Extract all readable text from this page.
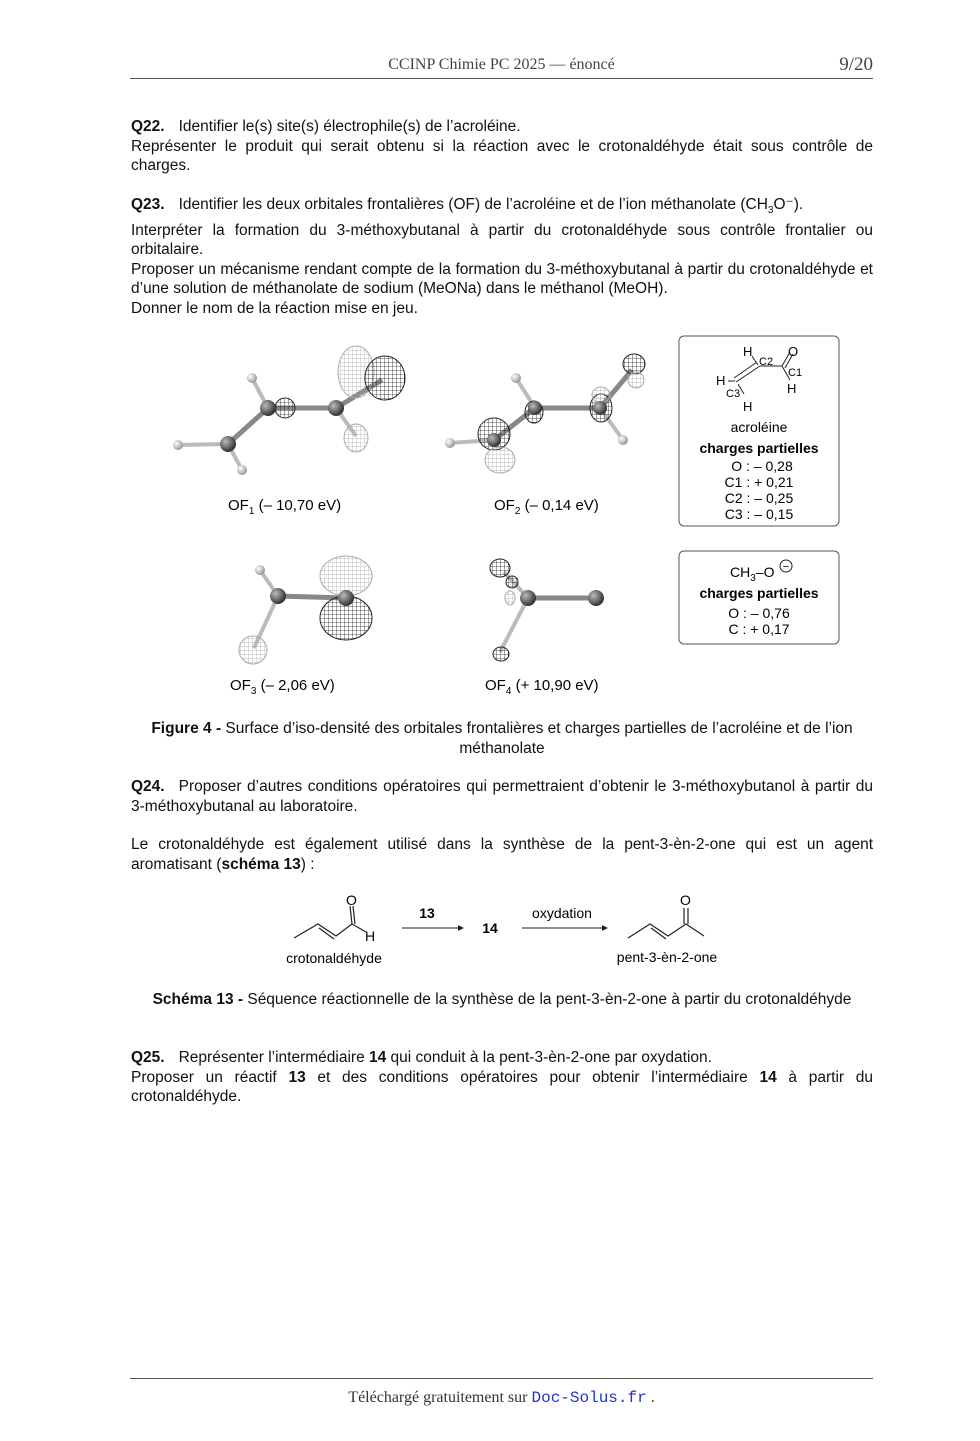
CCINP Chimie PC 2025 — énoncé	9/20

Q22. Identifier le(s) site(s) électrophile(s) de l’acroléine.

Représenter le produit qui serait obtenu si la réaction avec le crotonaldéhyde était sous contrôle de charges.

Q23. Identifier les deux orbitales frontalières (OF) de l’acroléine et de l’ion méthanolate $(CH_3O^-)$.

Interpréter la formation du 3-méthoxybutanal à partir du crotonaldéhyde sous contrôle frontalier ou orbitalaire.

Proposer un mécanisme rendant compte de la formation du 3-méthoxybutanal à partir du crotonaldéhyde et d’une solution de méthanolate de sodium (MeONa) dans le méthanol (MeOH).

Donner le nom de la réaction mise en jeu.

$OF_1$ (– 10,70 eV)	$OF_2$ (– 0,14 eV)
$OF_3$ (– 2,06 eV)	$OF_4$ (+ 10,90 eV)
H	O
C2
C1
H
H
C3
H
acroléine
charges partielles
O : – 0,28
C1 : + 0,21
C2 : – 0,25
C3 : – 0,15
$CH_3-O$ −
charges partielles
O : – 0,76
C : + 0,17
Figure 4 - Surface d’iso-densité des orbitales frontalières et charges partielles de l’acroléine et de l’ion méthanolate

Q24. Proposer d’autres conditions opératoires qui permettraient d’obtenir le 3-méthoxybutanol à partir du 3-méthoxybutanal au laboratoire.

Le crotonaldéhyde est également utilisé dans la synthèse de la pent-3-èn-2-one qui est un agent aromatisant (schéma 13) :

O
H
13
14
oxydation
O
crotonaldéhyde	pent-3-èn-2-one
Schéma 13 - Séquence réactionnelle de la synthèse de la pent-3-èn-2-one à partir du crotonaldéhyde

Q25. Représenter l’intermédiaire 14 qui conduit à la pent-3-èn-2-one par oxydation.

Proposer un réactif 13 et des conditions opératoires pour obtenir l’intermédiaire 14 à partir du crotonaldéhyde.

Téléchargé gratuitement sur Doc-Solus.fr .
